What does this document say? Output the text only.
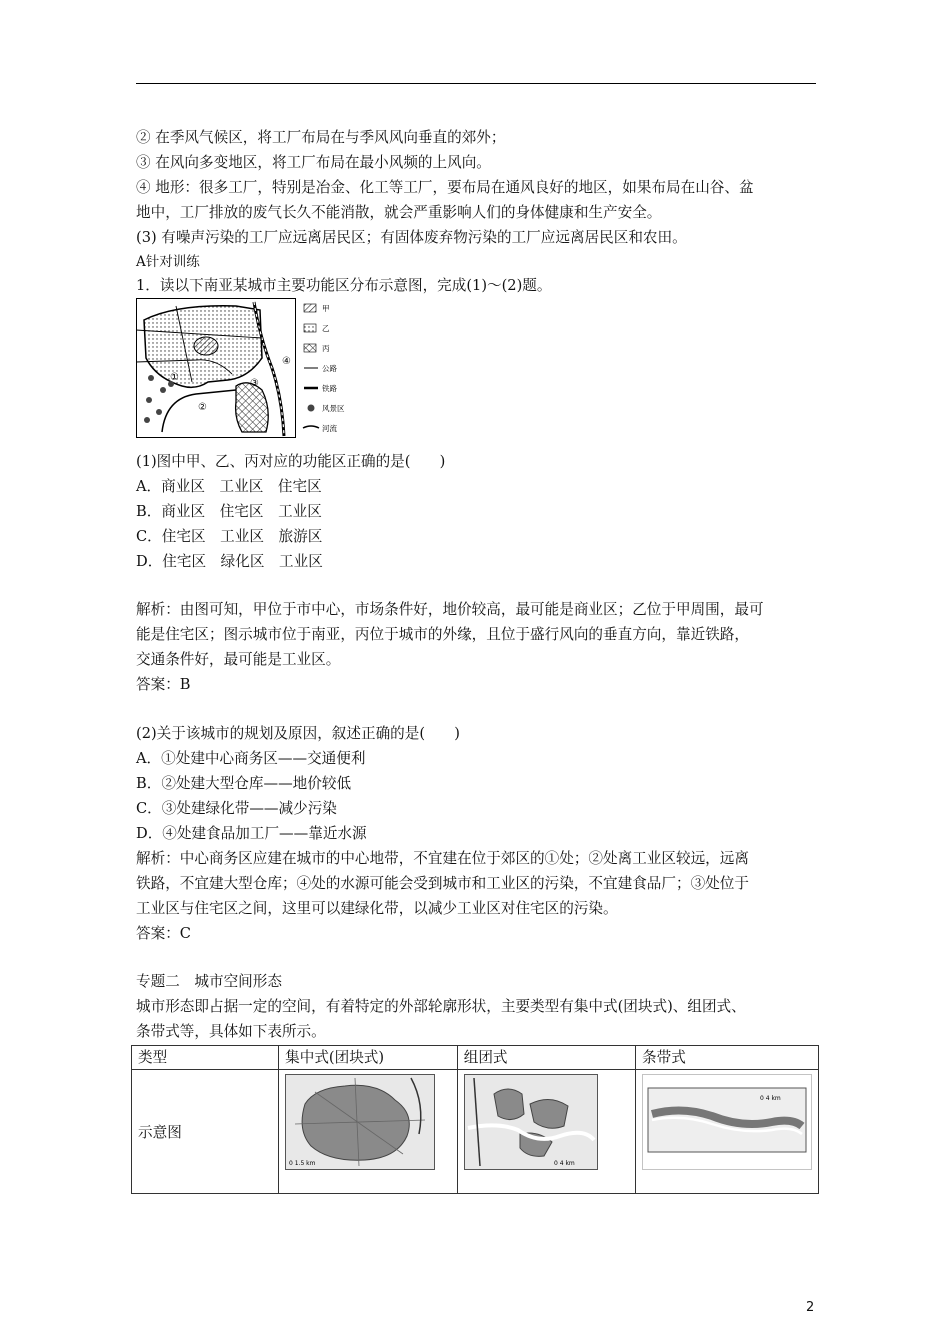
② 在季风气候区，将工厂布局在与季风风向垂直的郊外；
③ 在风向多变地区，将工厂布局在最小风频的上风向。
④ 地形：很多工厂，特别是冶金、化工等工厂，要布局在通风良好的地区，如果布局在山谷、盆
地中，工厂排放的废气长久不能消散，就会严重影响人们的身体健康和生产安全。
(3) 有噪声污染的工厂应远离居民区；有固体废弃物污染的工厂应远离居民区和农田。
A针对训练
1．读以下南亚某城市主要功能区分布示意图，完成(1)～(2)题。
①
②
③
④
甲
乙
丙
公路
铁路
风景区
河流
(1)图中甲、乙、丙对应的功能区正确的是(　　)
A．商业区　工业区　住宅区
B．商业区　住宅区　工业区
C．住宅区　工业区　旅游区
D．住宅区　绿化区　工业区
解析：由图可知，甲位于市中心，市场条件好，地价较高，最可能是商业区；乙位于甲周围，最可
能是住宅区；图示城市位于南亚，丙位于城市的外缘，且位于盛行风向的垂直方向，靠近铁路，
交通条件好，最可能是工业区。
答案：B
(2)关于该城市的规划及原因，叙述正确的是(　　)
A．①处建中心商务区——交通便利
B．②处建大型仓库——地价较低
C．③处建绿化带——减少污染
D．④处建食品加工厂——靠近水源
解析：中心商务区应建在城市的中心地带，不宜建在位于郊区的①处；②处离工业区较远，远离
铁路，不宜建大型仓库；④处的水源可能会受到城市和工业区的污染，不宜建食品厂；③处位于
工业区与住宅区之间，这里可以建绿化带，以减少工业区对住宅区的污染。
答案：C
专题二　城市空间形态
城市形态即占据一定的空间，有着特定的外部轮廓形状，主要类型有集中式(团块式)、组团式、
条带式等，具体如下表所示。
类型	集中式(团块式)	组团式	条带式
示意图	0 1.5 km	0 4 km	0 4 km
2
